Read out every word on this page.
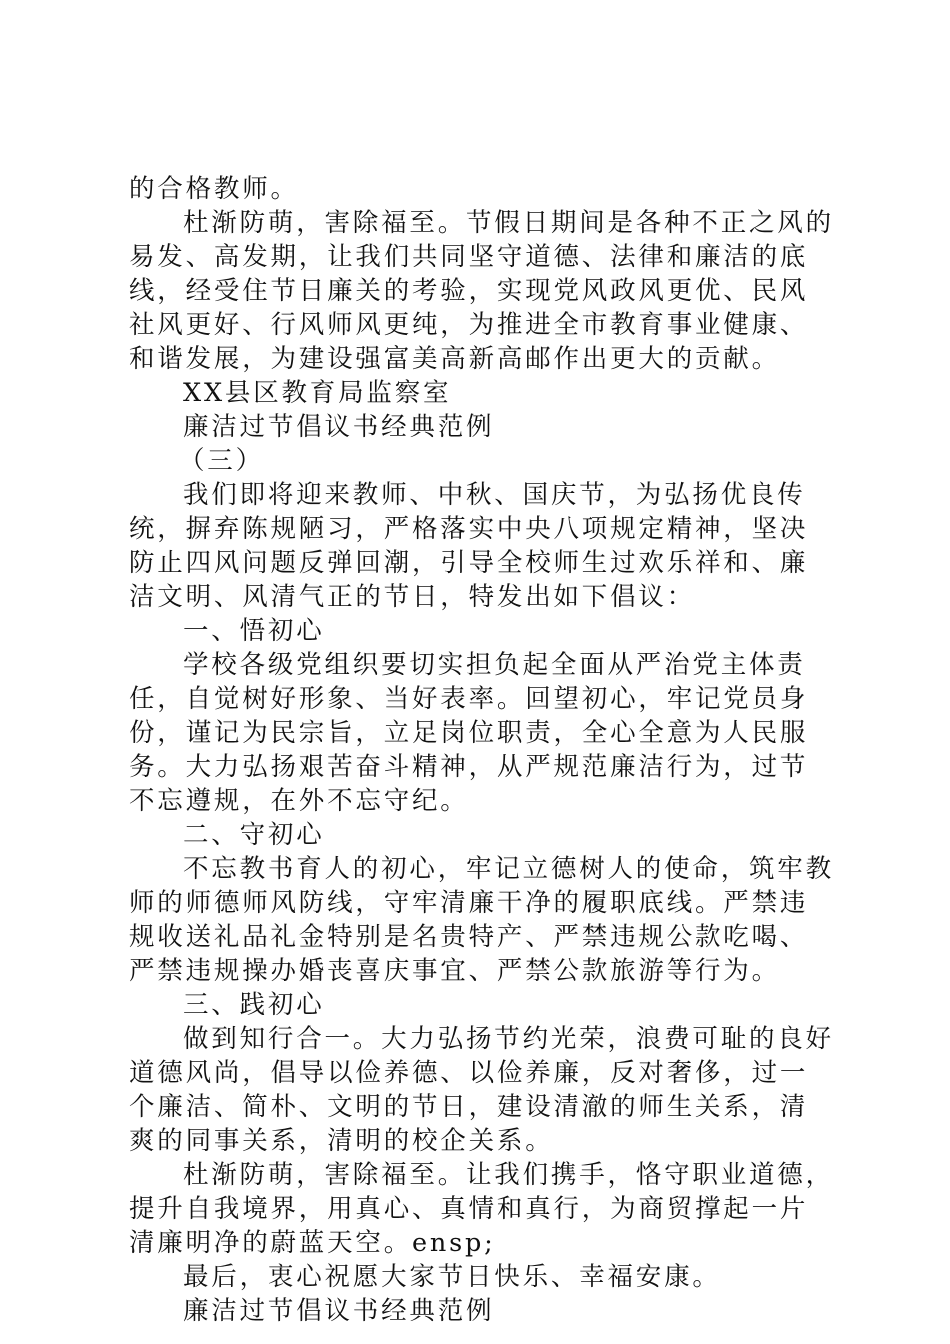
的合格教师。

杜渐防萌，害除福至。节假日期间是各种不正之风的易发、高发期，让我们共同坚守道德、法律和廉洁的底线，经受住节日廉关的考验，实现党风政风更优、民风社风更好、行风师风更纯，为推进全市教育事业健康、和谐发展，为建设强富美高新高邮作出更大的贡献。

XX县区教育局监察室

廉洁过节倡议书经典范例

（三）

我们即将迎来教师、中秋、国庆节，为弘扬优良传统，摒弃陈规陋习，严格落实中央八项规定精神，坚决防止四风问题反弹回潮，引导全校师生过欢乐祥和、廉洁文明、风清气正的节日，特发出如下倡议：

一、悟初心

学校各级党组织要切实担负起全面从严治党主体责任，自觉树好形象、当好表率。回望初心，牢记党员身份，谨记为民宗旨，立足岗位职责，全心全意为人民服务。大力弘扬艰苦奋斗精神，从严规范廉洁行为，过节不忘遵规，在外不忘守纪。

二、守初心

不忘教书育人的初心，牢记立德树人的使命，筑牢教师的师德师风防线，守牢清廉干净的履职底线。严禁违规收送礼品礼金特别是名贵特产、严禁违规公款吃喝、严禁违规操办婚丧喜庆事宜、严禁公款旅游等行为。

三、践初心

做到知行合一。大力弘扬节约光荣，浪费可耻的良好道德风尚，倡导以俭养德、以俭养廉，反对奢侈，过一个廉洁、简朴、文明的节日，建设清澈的师生关系，清爽的同事关系，清明的校企关系。

杜渐防萌，害除福至。让我们携手，恪守职业道德，提升自我境界，用真心、真情和真行，为商贸撑起一片清廉明净的蔚蓝天空。ensp;

最后，衷心祝愿大家节日快乐、幸福安康。

廉洁过节倡议书经典范例
